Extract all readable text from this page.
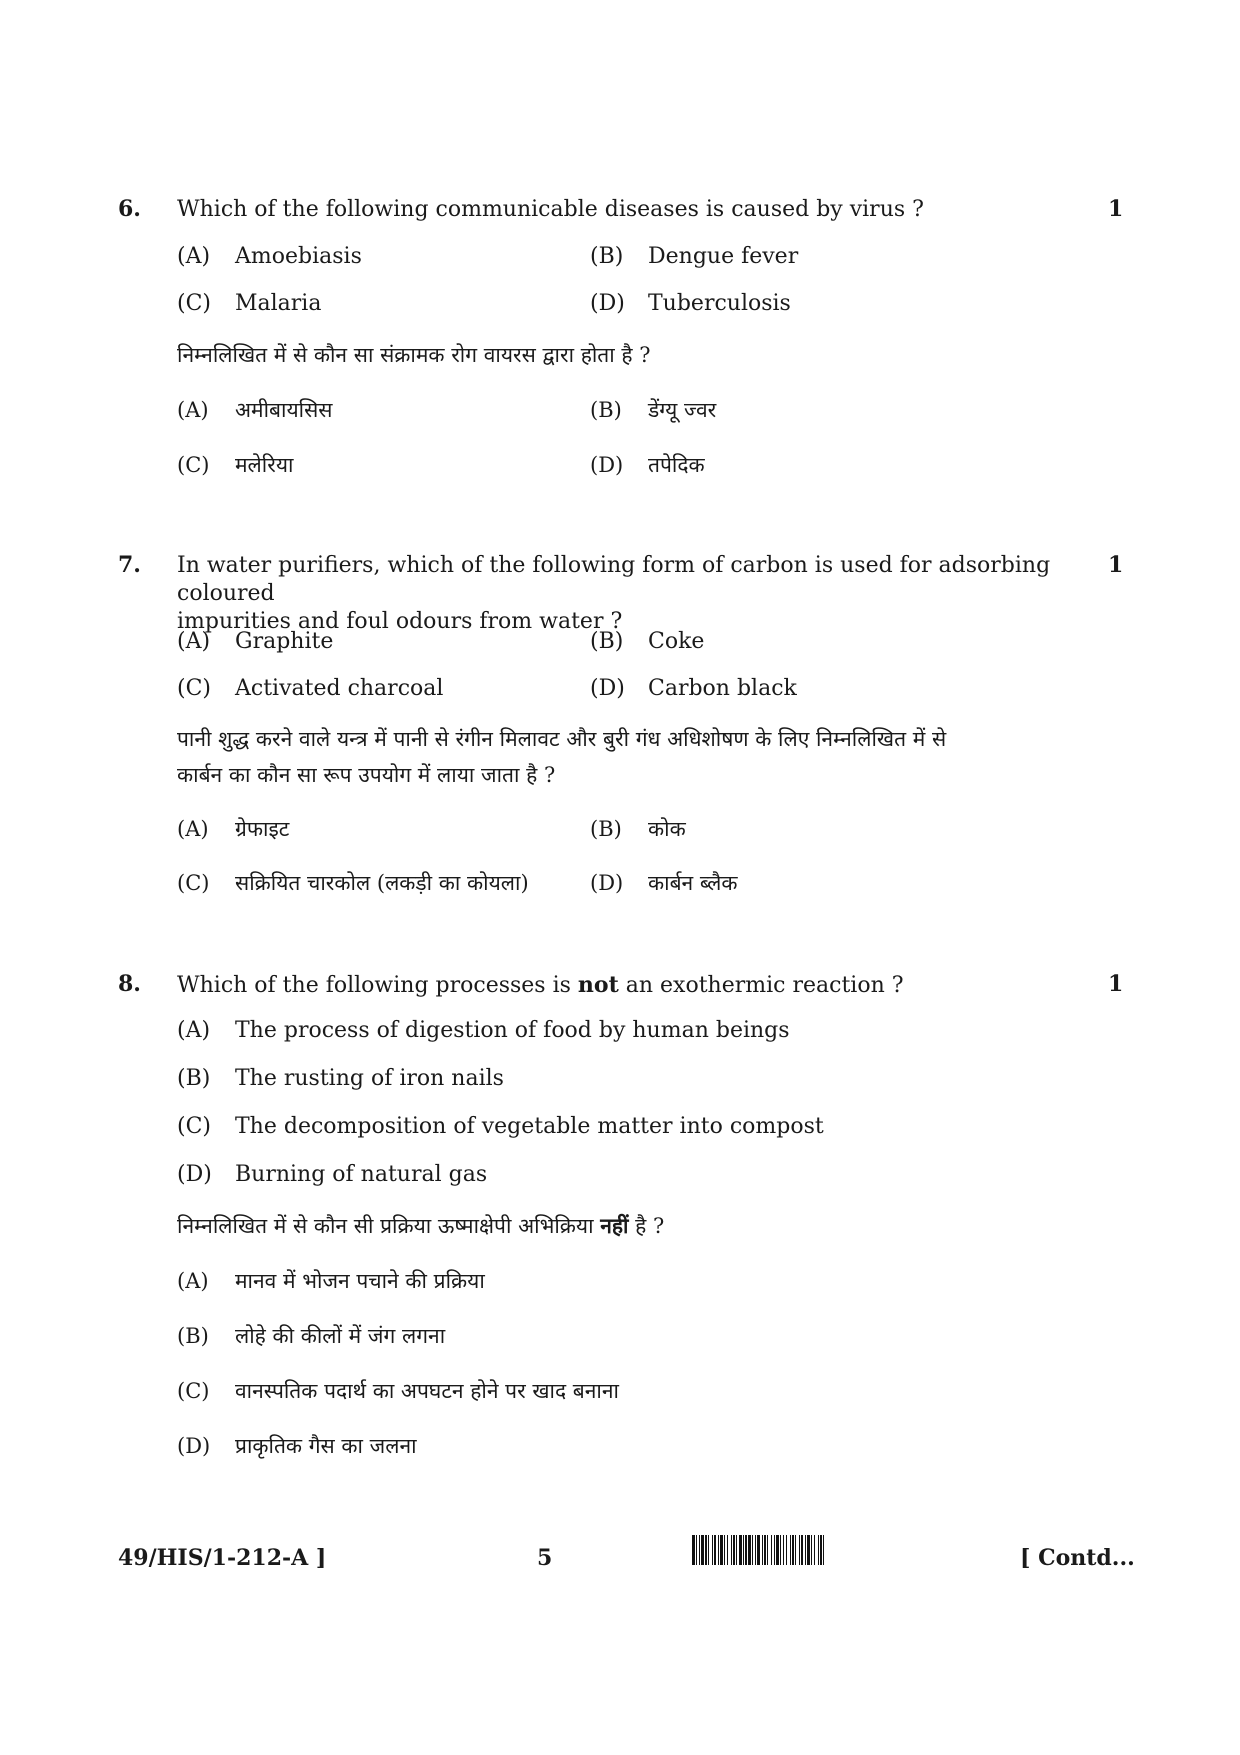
6. Which of the following communicable diseases is caused by virus ?	1
(A) Amoebiasis	(B) Dengue fever
(C) Malaria	(D) Tuberculosis
निम्नलिखित में से कौन सा संक्रामक रोग वायरस द्वारा होता है ?
(A) अमीबायसिस	(B) डेंग्यू ज्वर
(C) मलेरिया	(D) तपेदिक
7. In water purifiers, which of the following form of carbon is used for adsorbing coloured
impurities and foul odours from water ?
1
(A) Graphite	(B) Coke
(C) Activated charcoal	(D) Carbon black
पानी शुद्ध करने वाले यन्त्र में पानी से रंगीन मिलावट और बुरी गंध अधिशोषण के लिए निम्नलिखित में से
कार्बन का कौन सा रूप उपयोग में लाया जाता है ?
(A) ग्रेफाइट	(B) कोक
(C) सक्रियित चारकोल (लकड़ी का कोयला)	(D) कार्बन ब्लैक
8. Which of the following processes is not an exothermic reaction ?	1
(A) The process of digestion of food by human beings
(B) The rusting of iron nails
(C) The decomposition of vegetable matter into compost
(D) Burning of natural gas
निम्नलिखित में से कौन सी प्रक्रिया ऊष्माक्षेपी अभिक्रिया नहीं है ?
(A) मानव में भोजन पचाने की प्रक्रिया
(B) लोहे की कीलों में जंग लगना
(C) वानस्पतिक पदार्थ का अपघटन होने पर खाद बनाना
(D) प्राकृतिक गैस का जलना
49/HIS/1-212-A ]	5	[ Contd...
